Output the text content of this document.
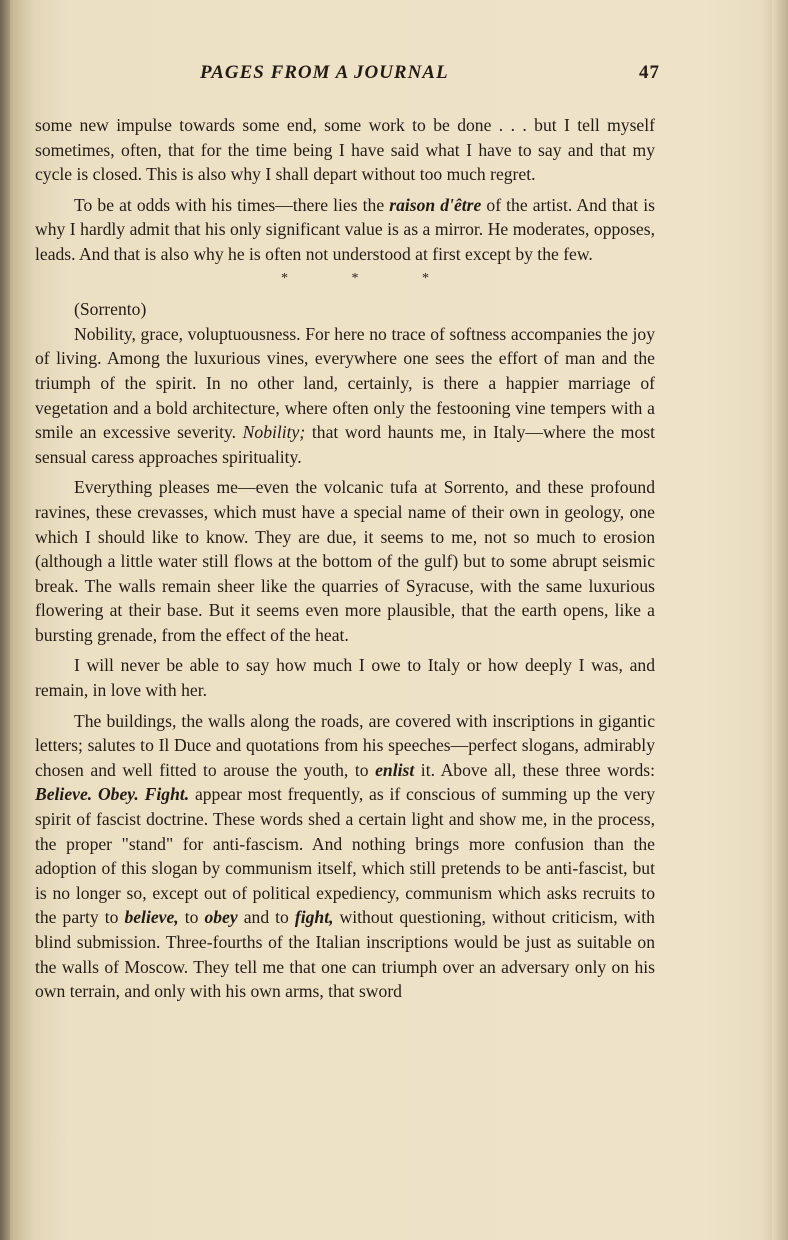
PAGES FROM A JOURNAL	47

some new impulse towards some end, some work to be done . . . but I tell myself sometimes, often, that for the time being I have said what I have to say and that my cycle is closed. This is also why I shall depart without too much regret.

To be at odds with his times—there lies the raison d'être of the artist. And that is why I hardly admit that his only significant value is as a mirror. He moderates, opposes, leads. And that is also why he is often not understood at first except by the few.

* * *

(Sorrento)

Nobility, grace, voluptuousness. For here no trace of softness accompanies the joy of living. Among the luxurious vines, everywhere one sees the effort of man and the triumph of the spirit. In no other land, certainly, is there a happier marriage of vegetation and a bold architecture, where often only the festooning vine tempers with a smile an excessive severity. Nobility; that word haunts me, in Italy—where the most sensual caress approaches spirituality.

Everything pleases me—even the volcanic tufa at Sorrento, and these profound ravines, these crevasses, which must have a special name of their own in geology, one which I should like to know. They are due, it seems to me, not so much to erosion (although a little water still flows at the bottom of the gulf) but to some abrupt seismic break. The walls remain sheer like the quarries of Syracuse, with the same luxurious flowering at their base. But it seems even more plausible, that the earth opens, like a bursting grenade, from the effect of the heat.

I will never be able to say how much I owe to Italy or how deeply I was, and remain, in love with her.

The buildings, the walls along the roads, are covered with inscriptions in gigantic letters; salutes to Il Duce and quotations from his speeches—perfect slogans, admirably chosen and well fitted to arouse the youth, to enlist it. Above all, these three words: Believe. Obey. Fight. appear most frequently, as if conscious of summing up the very spirit of fascist doctrine. These words shed a certain light and show me, in the process, the proper "stand" for anti-fascism. And nothing brings more confusion than the adoption of this slogan by communism itself, which still pretends to be anti-fascist, but is no longer so, except out of political expediency, communism which asks recruits to the party to believe, to obey and to fight, without questioning, without criticism, with blind submission. Three-fourths of the Italian inscriptions would be just as suitable on the walls of Moscow. They tell me that one can triumph over an adversary only on his own terrain, and only with his own arms, that sword
